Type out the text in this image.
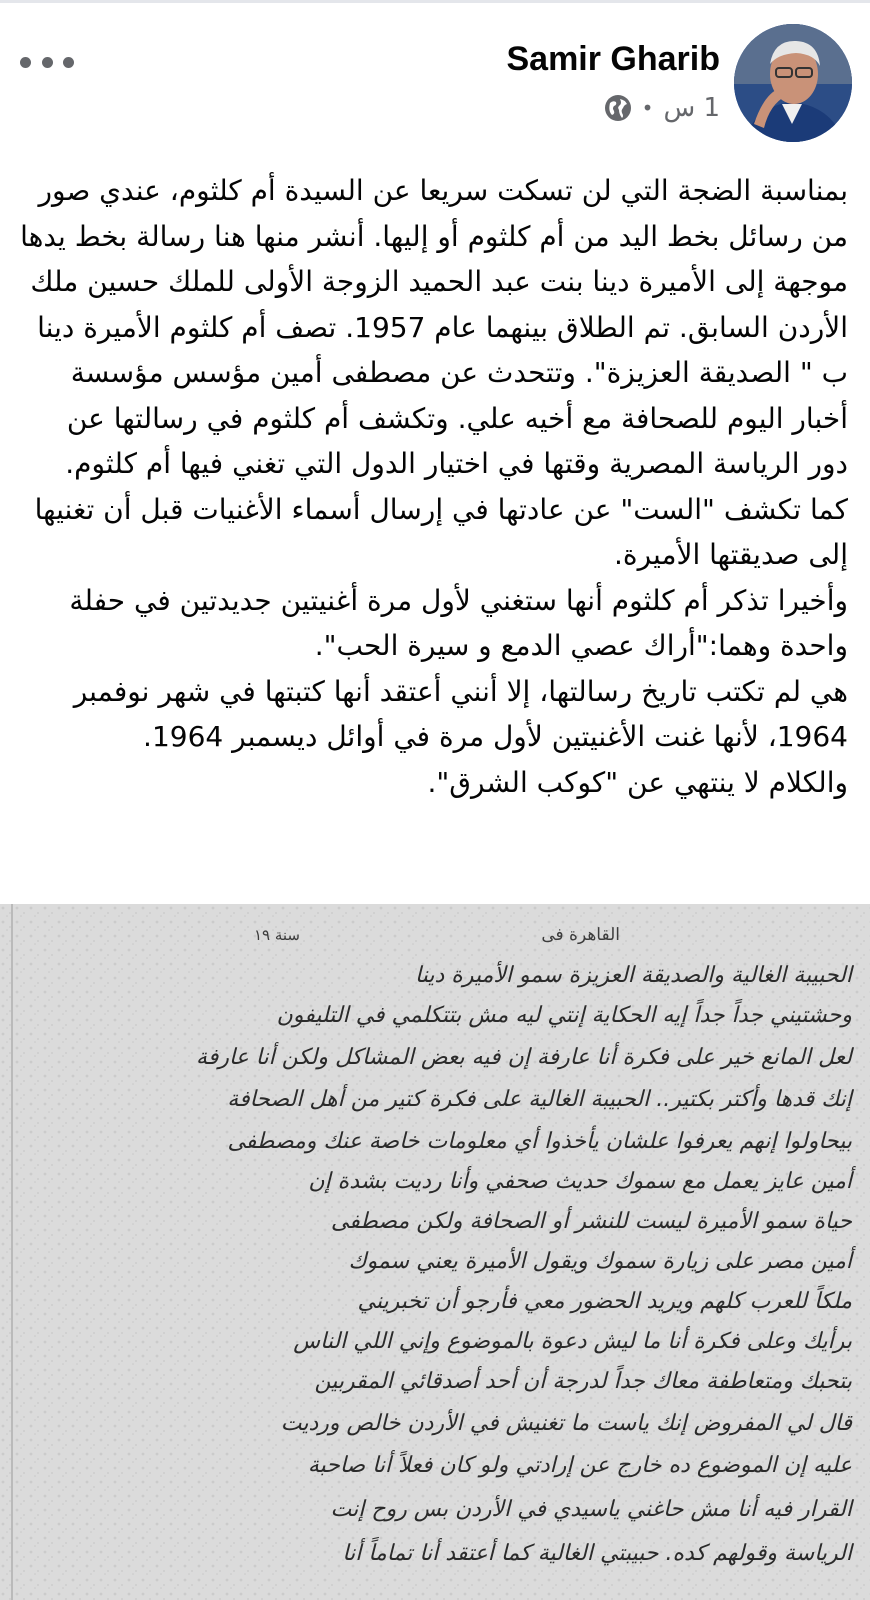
Samir Gharib
• 1 س

بمناسبة الضجة التي لن تسكت سريعا عن السيدة أم كلثوم، عندي صور من رسائل بخط اليد من أم كلثوم أو إليها. أنشر منها هنا رسالة بخط يدها موجهة إلى الأميرة دينا بنت عبد الحميد الزوجة الأولى للملك حسين ملك الأردن السابق. تم الطلاق بينهما عام 1957. تصف أم كلثوم الأميرة دينا ب " الصديقة العزيزة". وتتحدث عن مصطفى أمين مؤسس مؤسسة أخبار اليوم للصحافة مع أخيه علي. وتكشف أم كلثوم في رسالتها عن دور الرياسة المصرية وقتها في اختيار الدول التي تغني فيها أم كلثوم. كما تكشف "الست" عن عادتها في إرسال أسماء الأغنيات قبل أن تغنيها إلى صديقتها الأميرة.

وأخيرا تذكر أم كلثوم أنها ستغني لأول مرة أغنيتين جديدتين في حفلة واحدة وهما:"أراك عصي الدمع و سيرة الحب".

هي لم تكتب تاريخ رسالتها، إلا أنني أعتقد أنها كتبتها في شهر نوفمبر 1964، لأنها غنت الأغنيتين لأول مرة في أوائل ديسمبر 1964.

والكلام لا ينتهي عن "كوكب الشرق".

القاهرة فى
سنة ١٩
الحبيبة الغالية والصديقة العزيزة سمو الأميرة دينا
وحشتيني جداً جداً إيه الحكاية إنتي ليه مش بتتكلمي في التليفون
لعل المانع خير على فكرة أنا عارفة إن فيه بعض المشاكل ولكن أنا عارفة
إنك قدها وأكتر بكتير.. الحبيبة الغالية على فكرة كتير من أهل الصحافة
بيحاولوا إنهم يعرفوا علشان يأخذوا أي معلومات خاصة عنك ومصطفى
أمين عايز يعمل مع سموك حديث صحفي وأنا رديت بشدة إن
حياة سمو الأميرة ليست للنشر أو الصحافة ولكن مصطفى
أمين مصر على زيارة سموك ويقول الأميرة يعني سموك
ملكاً للعرب كلهم ويريد الحضور معي فأرجو أن تخبريني
برأيك وعلى فكرة أنا ما ليش دعوة بالموضوع وإني اللي الناس
بتحبك ومتعاطفة معاك جداً لدرجة أن أحد أصدقائي المقربين
قال لي المفروض إنك ياست ما تغنيش في الأردن خالص ورديت
عليه إن الموضوع ده خارج عن إرادتي ولو كان فعلاً أنا صاحبة
القرار فيه أنا مش حاغني ياسيدي في الأردن بس روح إنت
الرياسة وقولهم كده. حبيبتي الغالية كما أعتقد أنا تماماً أنا
